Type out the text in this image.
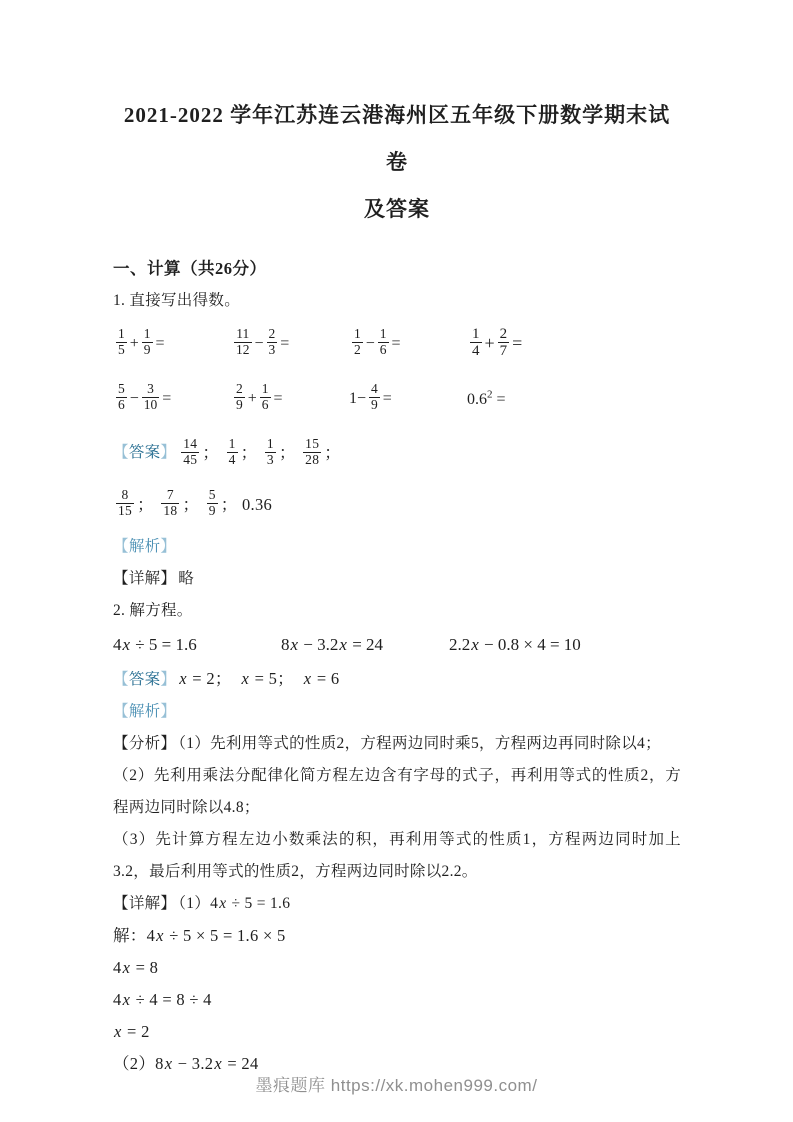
2021-2022 学年江苏连云港海州区五年级下册数学期末试卷
及答案
一、计算（共26分）
1. 直接写出得数。
$\frac{1}{5} + \frac{1}{9}$ =	$\frac{11}{12} - \frac{2}{3}$ =	$\frac{1}{2} - \frac{1}{6}$ =	$\frac{1}{4} + \frac{2}{7}$ =
$\frac{5}{6} - \frac{3}{10}$ =	$\frac{2}{9} + \frac{1}{6}$ =	$1- \frac{4}{9}$ =	$0.6^2$ =
【答案】 $\frac{14}{45}$ ； $\frac{1}{4}$ ； $\frac{1}{3}$ ； $\frac{15}{28}$ ；
$\frac{8}{15}$ ； $\frac{7}{18}$ ； $\frac{5}{9}$ ； 0.36
【解析】
【详解】 略
2. 解方程。
4x ÷ 5 = 1.6	8x − 3.2x = 24	2.2x − 0.8 × 4 = 10
【答案】 x = 2；  x = 5；  x = 6
【解析】
【分析】 （1）先利用等式的性质2，方程两边同时乘5，方程两边再同时除以4；
（2）先利用乘法分配律化简方程左边含有字母的式子，再利用等式的性质2，方程两边同时除以4.8；
（3）先计算方程左边小数乘法的积，再利用等式的性质1，方程两边同时加上3.2，最后利用等式的性质2，方程两边同时除以2.2。
【详解】 （1）4x ÷ 5 = 1.6
解：4x ÷ 5 × 5 = 1.6 × 5
4x = 8
4x ÷ 4 = 8 ÷ 4
x = 2
（2）8x − 3.2x = 24
墨痕题库 https://xk.mohen999.com/
